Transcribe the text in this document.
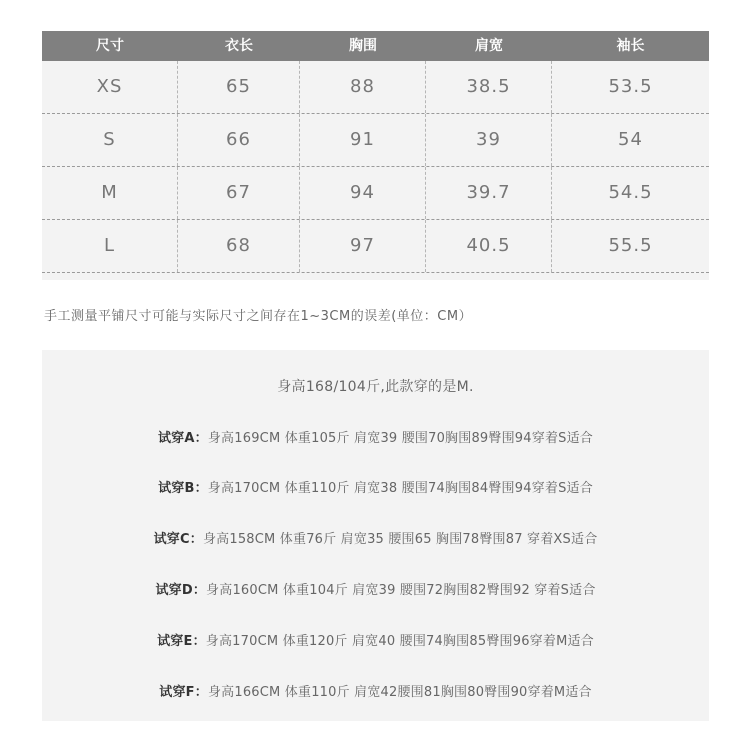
尺寸	衣长	胸围	肩宽	袖长
XS	65	88	38.5	53.5
S	66	91	39	54
M	67	94	39.7	54.5
L	68	97	40.5	55.5
手工测量平铺尺寸可能与实际尺寸之间存在1~3CM的误差(单位：CM）
身高168/104斤,此款穿的是M.
试穿A：身高169CM 体重105斤 肩宽39 腰围70胸围89臀围94穿着S适合
试穿B：身高170CM 体重110斤 肩宽38 腰围74胸围84臀围94穿着S适合
试穿C：身高158CM 体重76斤 肩宽35 腰围65 胸围78臀围87 穿着XS适合
试穿D：身高160CM 体重104斤 肩宽39 腰围72胸围82臀围92 穿着S适合
试穿E：身高170CM 体重120斤 肩宽40 腰围74胸围85臀围96穿着M适合
试穿F：身高166CM 体重110斤 肩宽42腰围81胸围80臀围90穿着M适合
